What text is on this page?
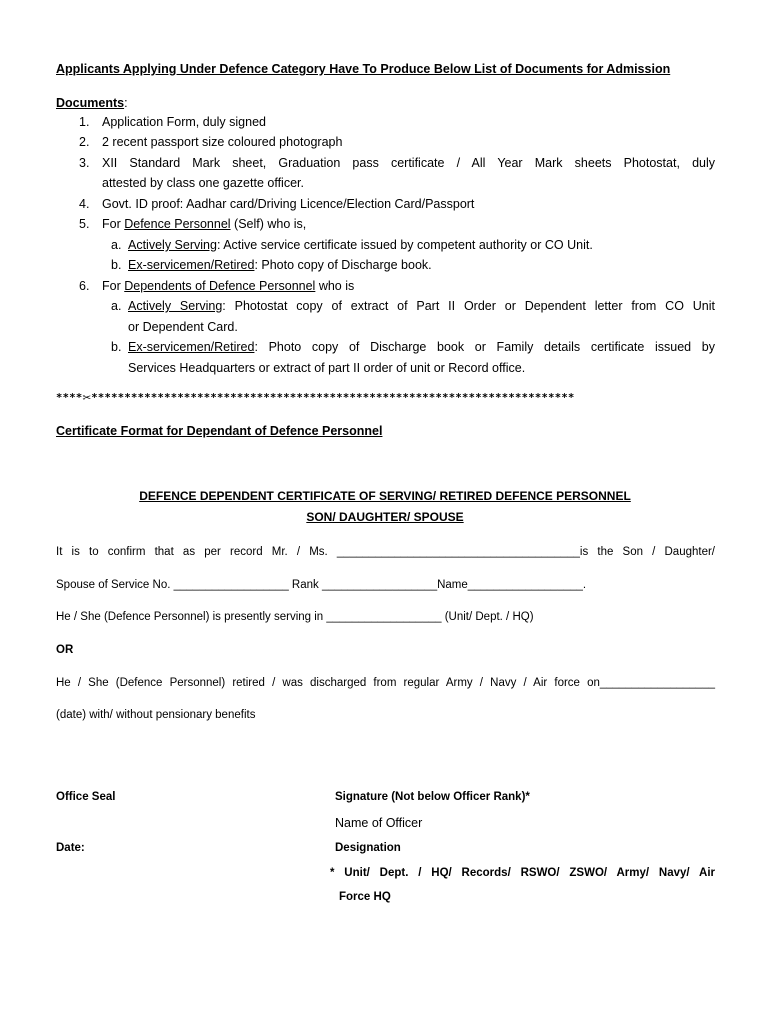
Applicants Applying Under Defence Category Have To Produce Below List of Documents for Admission
Documents:
1. Application Form, duly signed
2. 2 recent passport size coloured photograph
3. XII Standard Mark sheet, Graduation pass certificate / All Year Mark sheets Photostat, duly
attested by class one gazette officer.
4. Govt. ID proof: Aadhar card/Driving Licence/Election Card/Passport
5. For Defence Personnel (Self) who is,
a. Actively Serving: Active service certificate issued by competent authority or CO Unit.
b. Ex-servicemen/Retired: Photo copy of Discharge book.
6. For Dependents of Defence Personnel who is
a. Actively Serving: Photostat copy of extract of Part II Order or Dependent letter from CO Unit
or Dependent Card.
b. Ex-servicemen/Retired: Photo copy of Discharge book or Family details certificate issued by
Services Headquarters or extract of part II order of unit or Record office.
****✂*************************************************************************
Certificate Format for Dependant of Defence Personnel
DEFENCE DEPENDENT CERTIFICATE OF SERVING/ RETIRED DEFENCE PERSONNEL
SON/ DAUGHTER/ SPOUSE
It is to confirm that as per record Mr. / Ms. ______________________________________is the Son / Daughter/
Spouse of Service No. __________________ Rank __________________Name__________________.
He / She (Defence Personnel) is presently serving in __________________ (Unit/ Dept. / HQ)
OR
He / She (Defence Personnel) retired / was discharged from regular Army / Navy / Air force on__________________
(date) with/ without pensionary benefits
Office Seal
Date:
Signature (Not below Officer Rank)*
Name of Officer
Designation
* Unit/ Dept. / HQ/ Records/ RSWO/ ZSWO/ Army/ Navy/ Air
Force HQ
